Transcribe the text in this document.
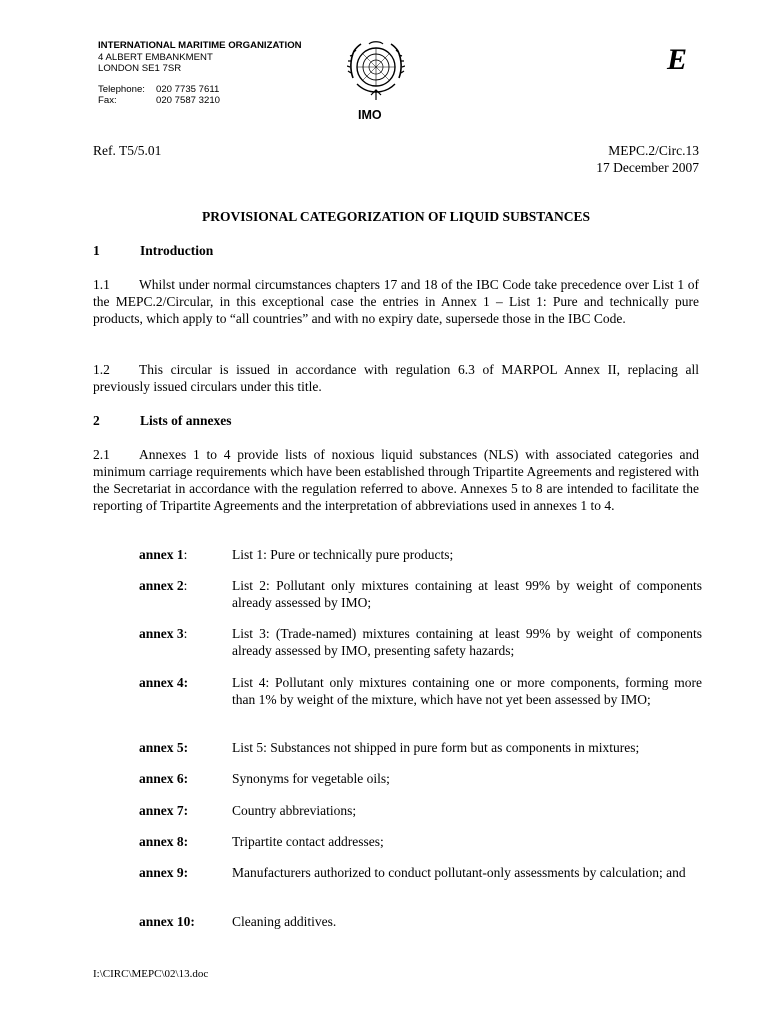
INTERNATIONAL MARITIME ORGANIZATION
4 ALBERT EMBANKMENT
LONDON SE1 7SR
Telephone:	020 7735 7611
Fax:	020 7587 3210
IMO
E
Ref. T5/5.01	MEPC.2/Circ.13
17 December 2007
PROVISIONAL CATEGORIZATION OF LIQUID SUBSTANCES
1	Introduction
1.1 Whilst under normal circumstances chapters 17 and 18 of the IBC Code take precedence over List 1 of the MEPC.2/Circular, in this exceptional case the entries in Annex 1 – List 1: Pure and technically pure products, which apply to “all countries” and with no expiry date, supersede those in the IBC Code.
1.2 This circular is issued in accordance with regulation 6.3 of MARPOL Annex II, replacing all previously issued circulars under this title.
2	Lists of annexes
2.1 Annexes 1 to 4 provide lists of noxious liquid substances (NLS) with associated categories and minimum carriage requirements which have been established through Tripartite Agreements and registered with the Secretariat in accordance with the regulation referred to above. Annexes 5 to 8 are intended to facilitate the reporting of Tripartite Agreements and the interpretation of abbreviations used in annexes 1 to 4.
annex 1:	List 1: Pure or technically pure products;
annex 2:	List 2: Pollutant only mixtures containing at least 99% by weight of components already assessed by IMO;
annex 3:	List 3: (Trade-named) mixtures containing at least 99% by weight of components already assessed by IMO, presenting safety hazards;
annex 4:	List 4: Pollutant only mixtures containing one or more components, forming more than 1% by weight of the mixture, which have not yet been assessed by IMO;
annex 5:	List 5: Substances not shipped in pure form but as components in mixtures;
annex 6:	Synonyms for vegetable oils;
annex 7:	Country abbreviations;
annex 8:	Tripartite contact addresses;
annex 9:	Manufacturers authorized to conduct pollutant-only assessments by calculation; and
annex 10:	Cleaning additives.
I:\CIRC\MEPC\02\13.doc
